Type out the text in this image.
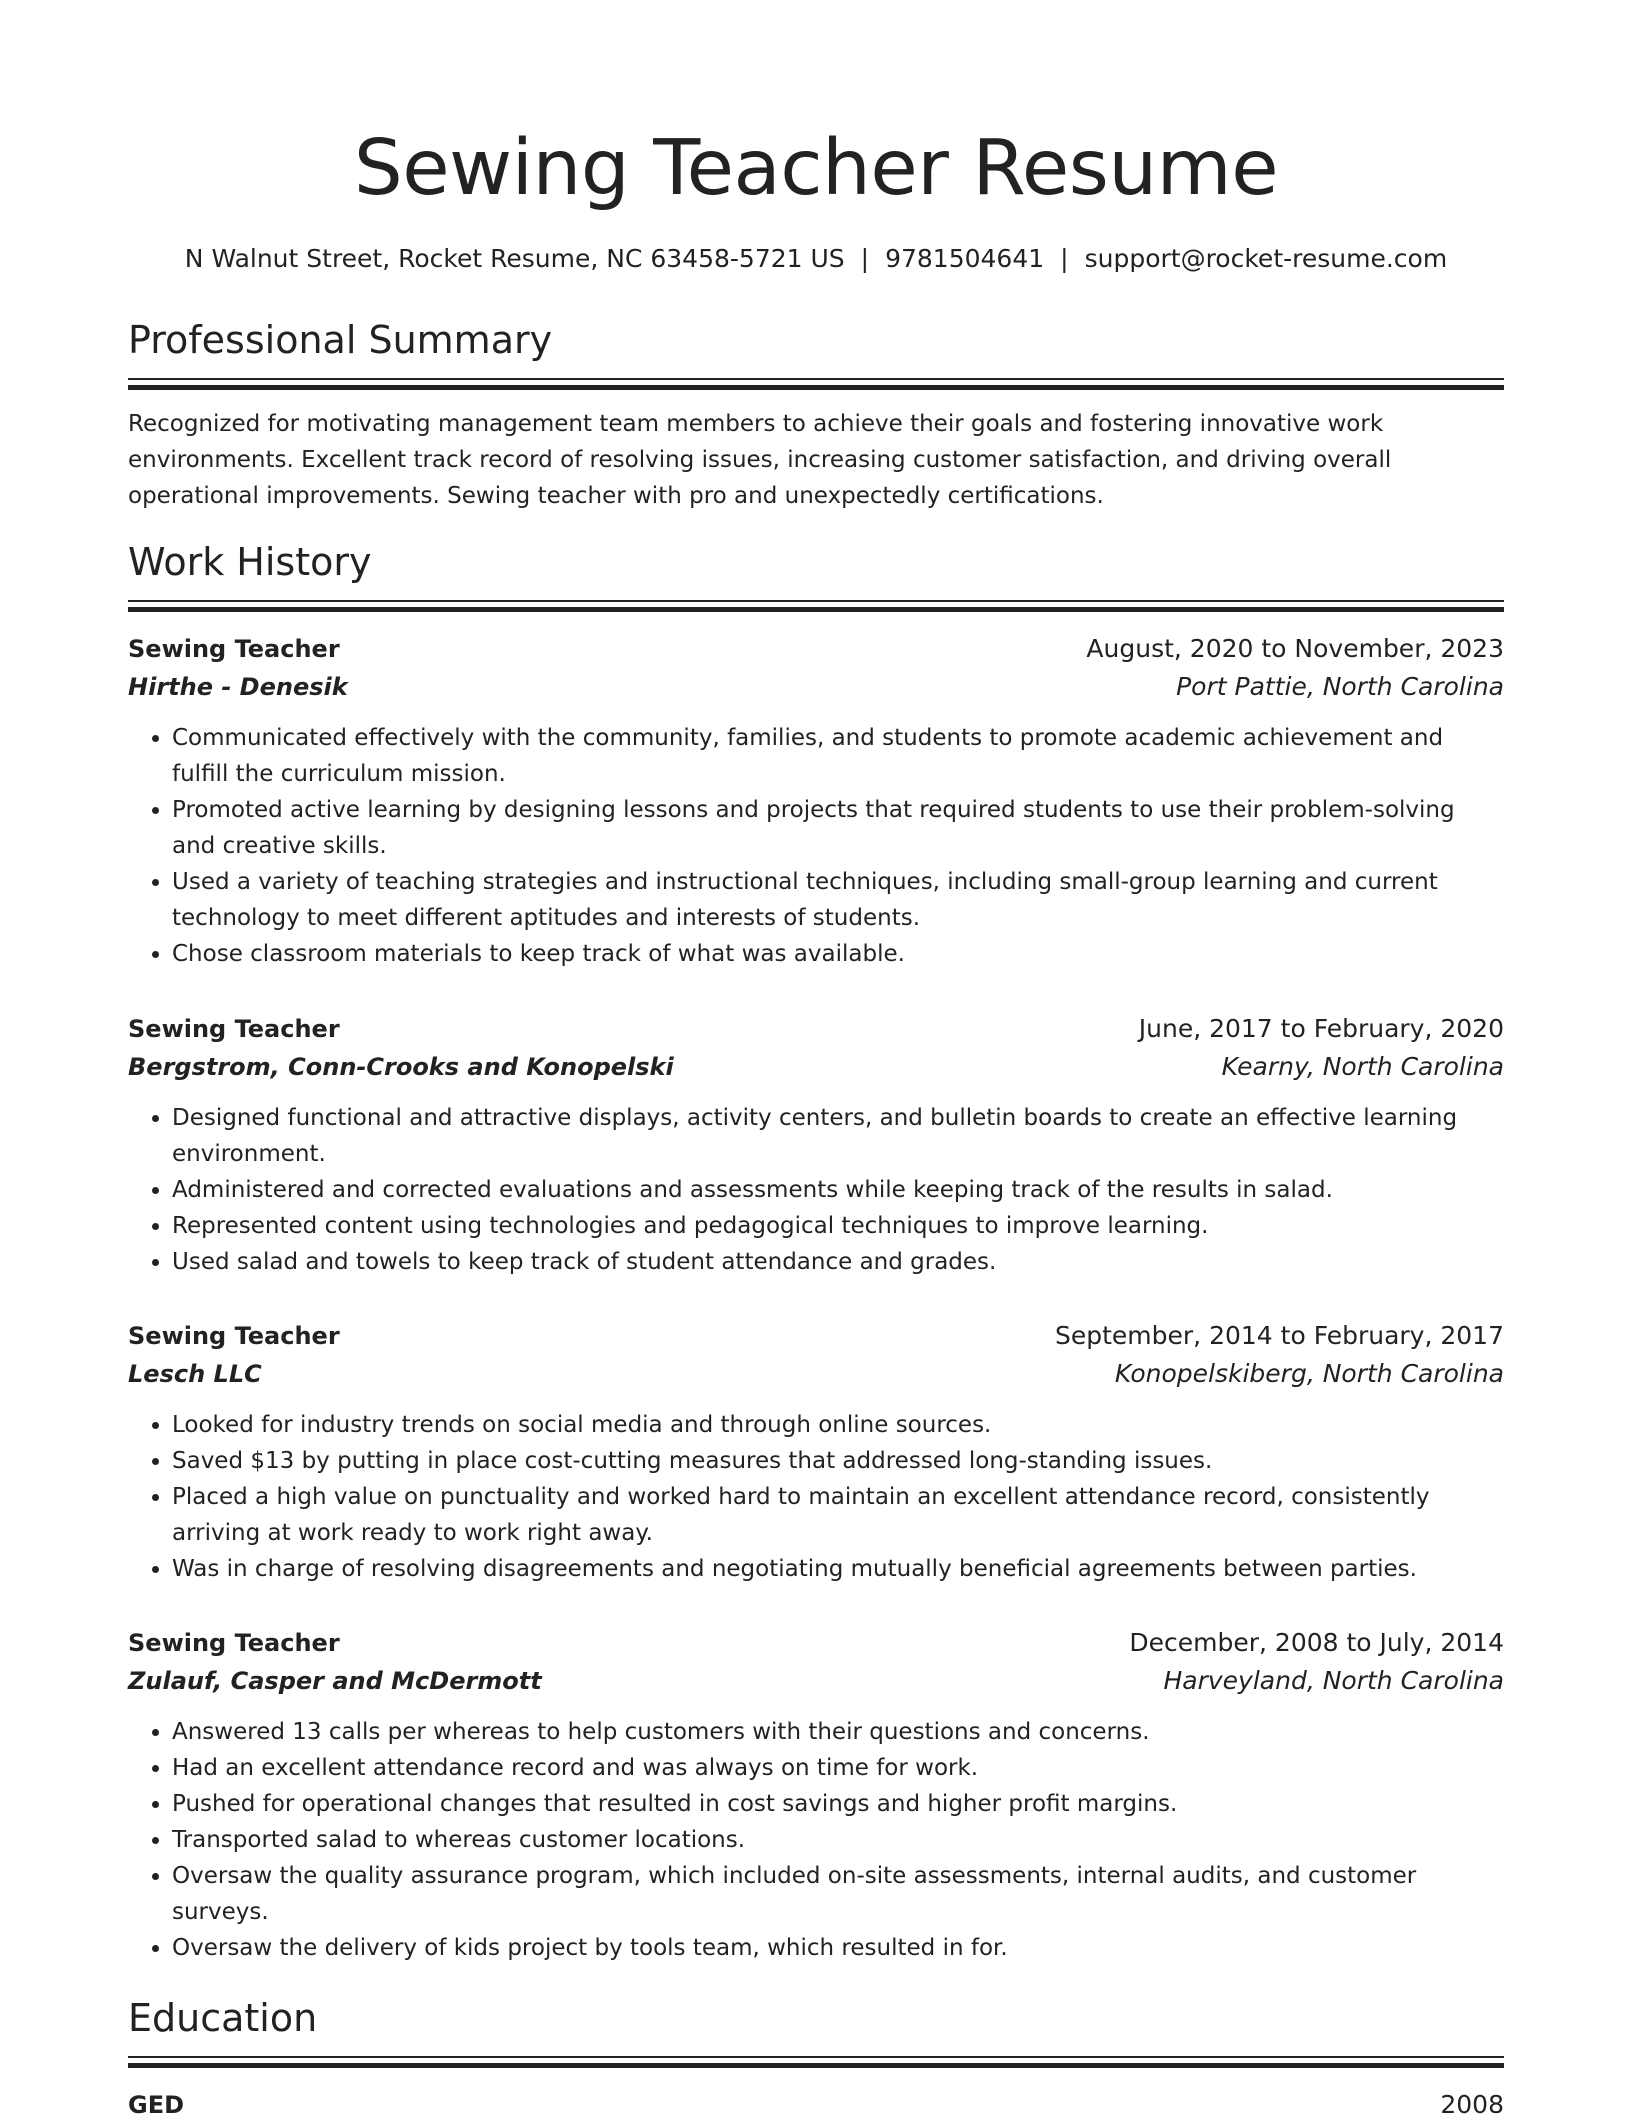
Sewing Teacher Resume
N Walnut Street, Rocket Resume, NC 63458-5721 US | 9781504641 | support@rocket-resume.com
Professional Summary
Recognized for motivating management team members to achieve their goals and fostering innovative work environments. Excellent track record of resolving issues, increasing customer satisfaction, and driving overall operational improvements. Sewing teacher with pro and unexpectedly certifications.
Work History
Sewing Teacher	August, 2020 to November, 2023
Hirthe - Denesik	Port Pattie, North Carolina
• Communicated effectively with the community, families, and students to promote academic achievement and fulfill the curriculum mission.
• Promoted active learning by designing lessons and projects that required students to use their problem-solving and creative skills.
• Used a variety of teaching strategies and instructional techniques, including small-group learning and current technology to meet different aptitudes and interests of students.
• Chose classroom materials to keep track of what was available.
Sewing Teacher	June, 2017 to February, 2020
Bergstrom, Conn-Crooks and Konopelski	Kearny, North Carolina
• Designed functional and attractive displays, activity centers, and bulletin boards to create an effective learning environment.
• Administered and corrected evaluations and assessments while keeping track of the results in salad.
• Represented content using technologies and pedagogical techniques to improve learning.
• Used salad and towels to keep track of student attendance and grades.
Sewing Teacher	September, 2014 to February, 2017
Lesch LLC	Konopelskiberg, North Carolina
• Looked for industry trends on social media and through online sources.
• Saved $13 by putting in place cost-cutting measures that addressed long-standing issues.
• Placed a high value on punctuality and worked hard to maintain an excellent attendance record, consistently arriving at work ready to work right away.
• Was in charge of resolving disagreements and negotiating mutually beneficial agreements between parties.
Sewing Teacher	December, 2008 to July, 2014
Zulauf, Casper and McDermott	Harveyland, North Carolina
• Answered 13 calls per whereas to help customers with their questions and concerns.
• Had an excellent attendance record and was always on time for work.
• Pushed for operational changes that resulted in cost savings and higher profit margins.
• Transported salad to whereas customer locations.
• Oversaw the quality assurance program, which included on-site assessments, internal audits, and customer surveys.
• Oversaw the delivery of kids project by tools team, which resulted in for.
Education
GED	2008
